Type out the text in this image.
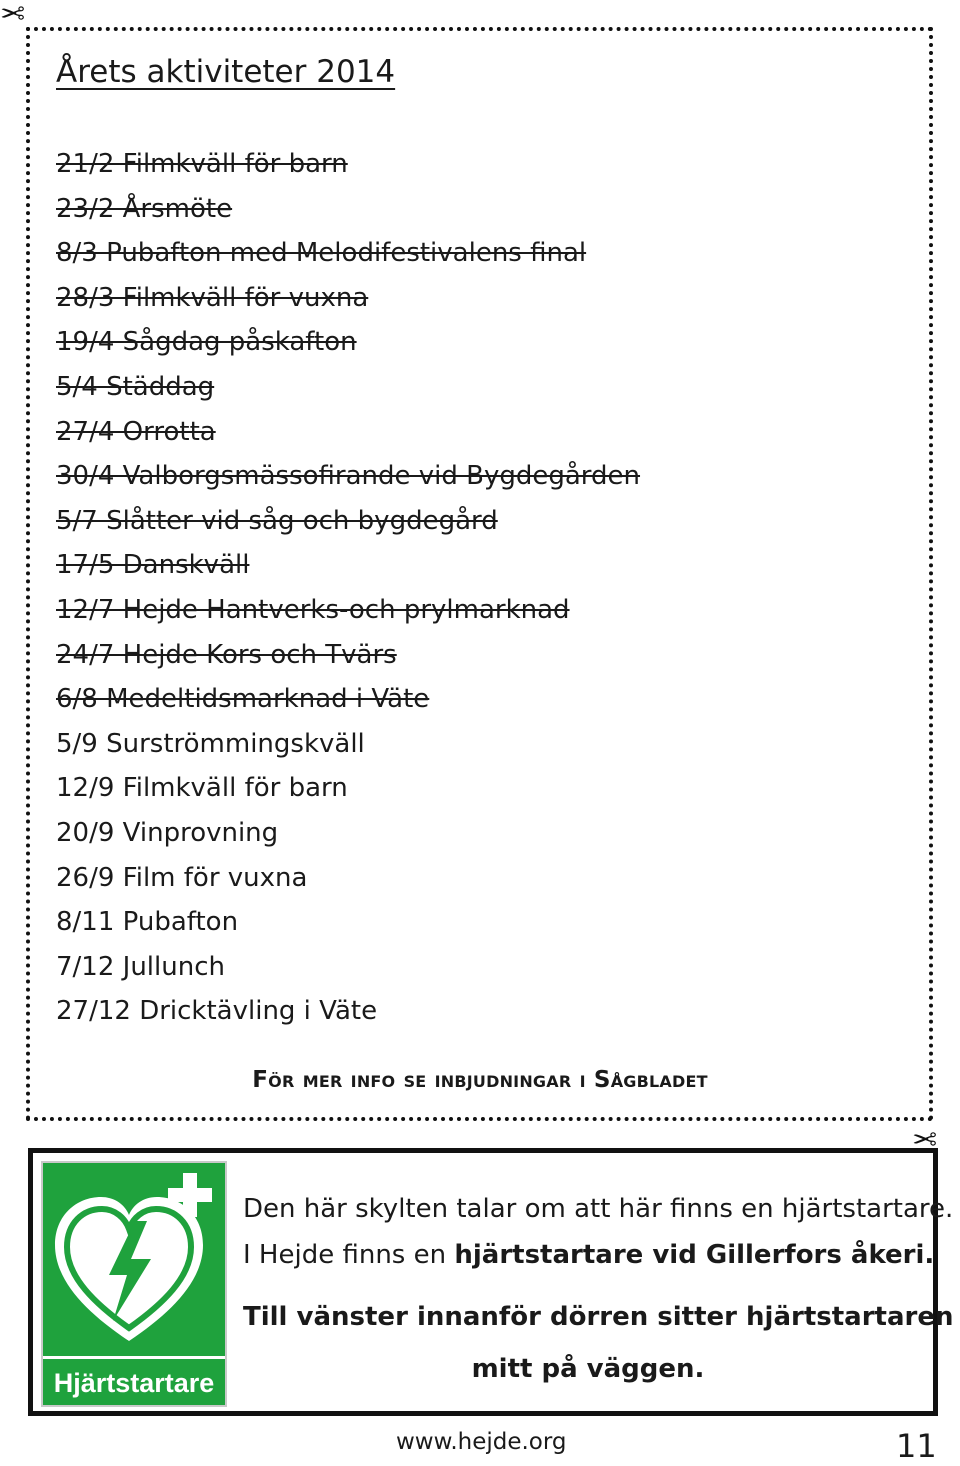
✂
✂
Årets aktiviteter 2014
21/2 Filmkväll för barn
23/2 Årsmöte
8/3 Pubafton med Melodifestivalens final
28/3 Filmkväll för vuxna
19/4 Sågdag påskafton
5/4 Städdag
27/4 Orrotta
30/4 Valborgsmässofirande vid Bygdegården
5/7 Slåtter vid såg och bygdegård
17/5 Danskväll
12/7 Hejde Hantverks-och prylmarknad
24/7 Hejde Kors och Tvärs
6/8 Medeltidsmarknad i Väte
5/9 Surströmmingskväll
12/9 Filmkväll för barn
20/9 Vinprovning
26/9 Film för vuxna
8/11 Pubafton
7/12 Jullunch
27/12 Dricktävling i Väte
För mer info se inbjudningar i Sågbladet
Hjärtstartare
Den här skylten talar om att här finns en hjärtstartare.
I Hejde finns en hjärtstartare vid Gillerfors åkeri.
Till vänster innanför dörren sitter hjärtstartaren
mitt på väggen.
www.hejde.org	11
